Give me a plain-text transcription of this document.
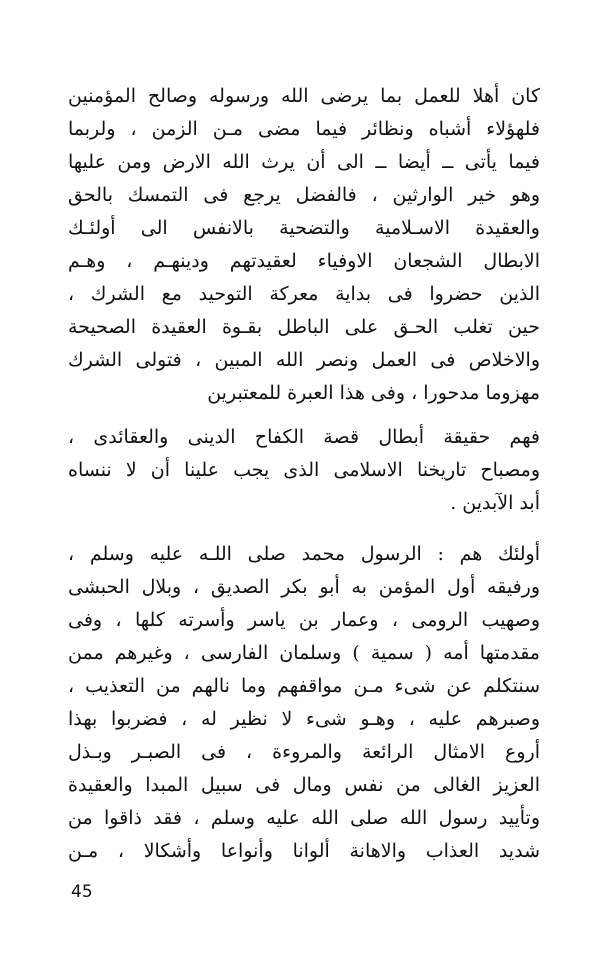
كان أهلا للعمل بما يرضى الله ورسوله وصالح المؤمنين
فلهؤلاء أشباه ونظائر فيما مضى مـن الزمن ، ولربما
فيما يأتى ــ أيضا ــ الى أن يرث الله الارض ومن عليها
وهو خير الوارثين ، فالفضل يرجع فى التمسك بالحق
والعقيدة الاسـلامية والتضحية بالانفس الى أولئـك
الابطال الشجعان الاوفياء لعقيدتهم ودينهـم ، وهـم
الذين حضروا فى بداية معركة التوحيد مع الشرك ،
حين تغلب الحـق على الباطل بقـوة العقيدة الصحيحة
والاخلاص فى العمل ونصر الله المبين ، فتولى الشرك
مهزوما مدحورا ، وفى هذا العبرة للمعتبرين
فهم حقيقة أبطال قصة الكفاح الدينى والعقائدى ،
ومصباح تاريخنا الاسلامى الذى يجب علينا أن لا ننساه
أبد الآبدين .
أولئك هم : الرسول محمد صلى اللـه عليه وسلم ،
ورفيقه أول المؤمن به أبو بكر الصديق ، وبلال الحبشى
وصهيب الرومى ، وعمار بن ياسر وأسرته كلها ، وفى
مقدمتها أمه ( سمية ) وسلمان الفارسى ، وغيرهم ممن
سنتكلم عن شىء مـن مواقفهم وما نالهم من التعذيب ،
وصبرهم عليه ، وهـو شىء لا نظير له ، فضربوا بهذا
أروع الامثال الرائعة والمروءة ، فى الصبـر وبـذل
العزيز الغالى من نفس ومال فى سبيل المبدا والعقيدة
وتأييد رسول الله صلى الله عليه وسلم ، فقد ذاقوا من
شديد العذاب والاهانة ألوانا وأنواعا وأشكالا ، مـن
45
